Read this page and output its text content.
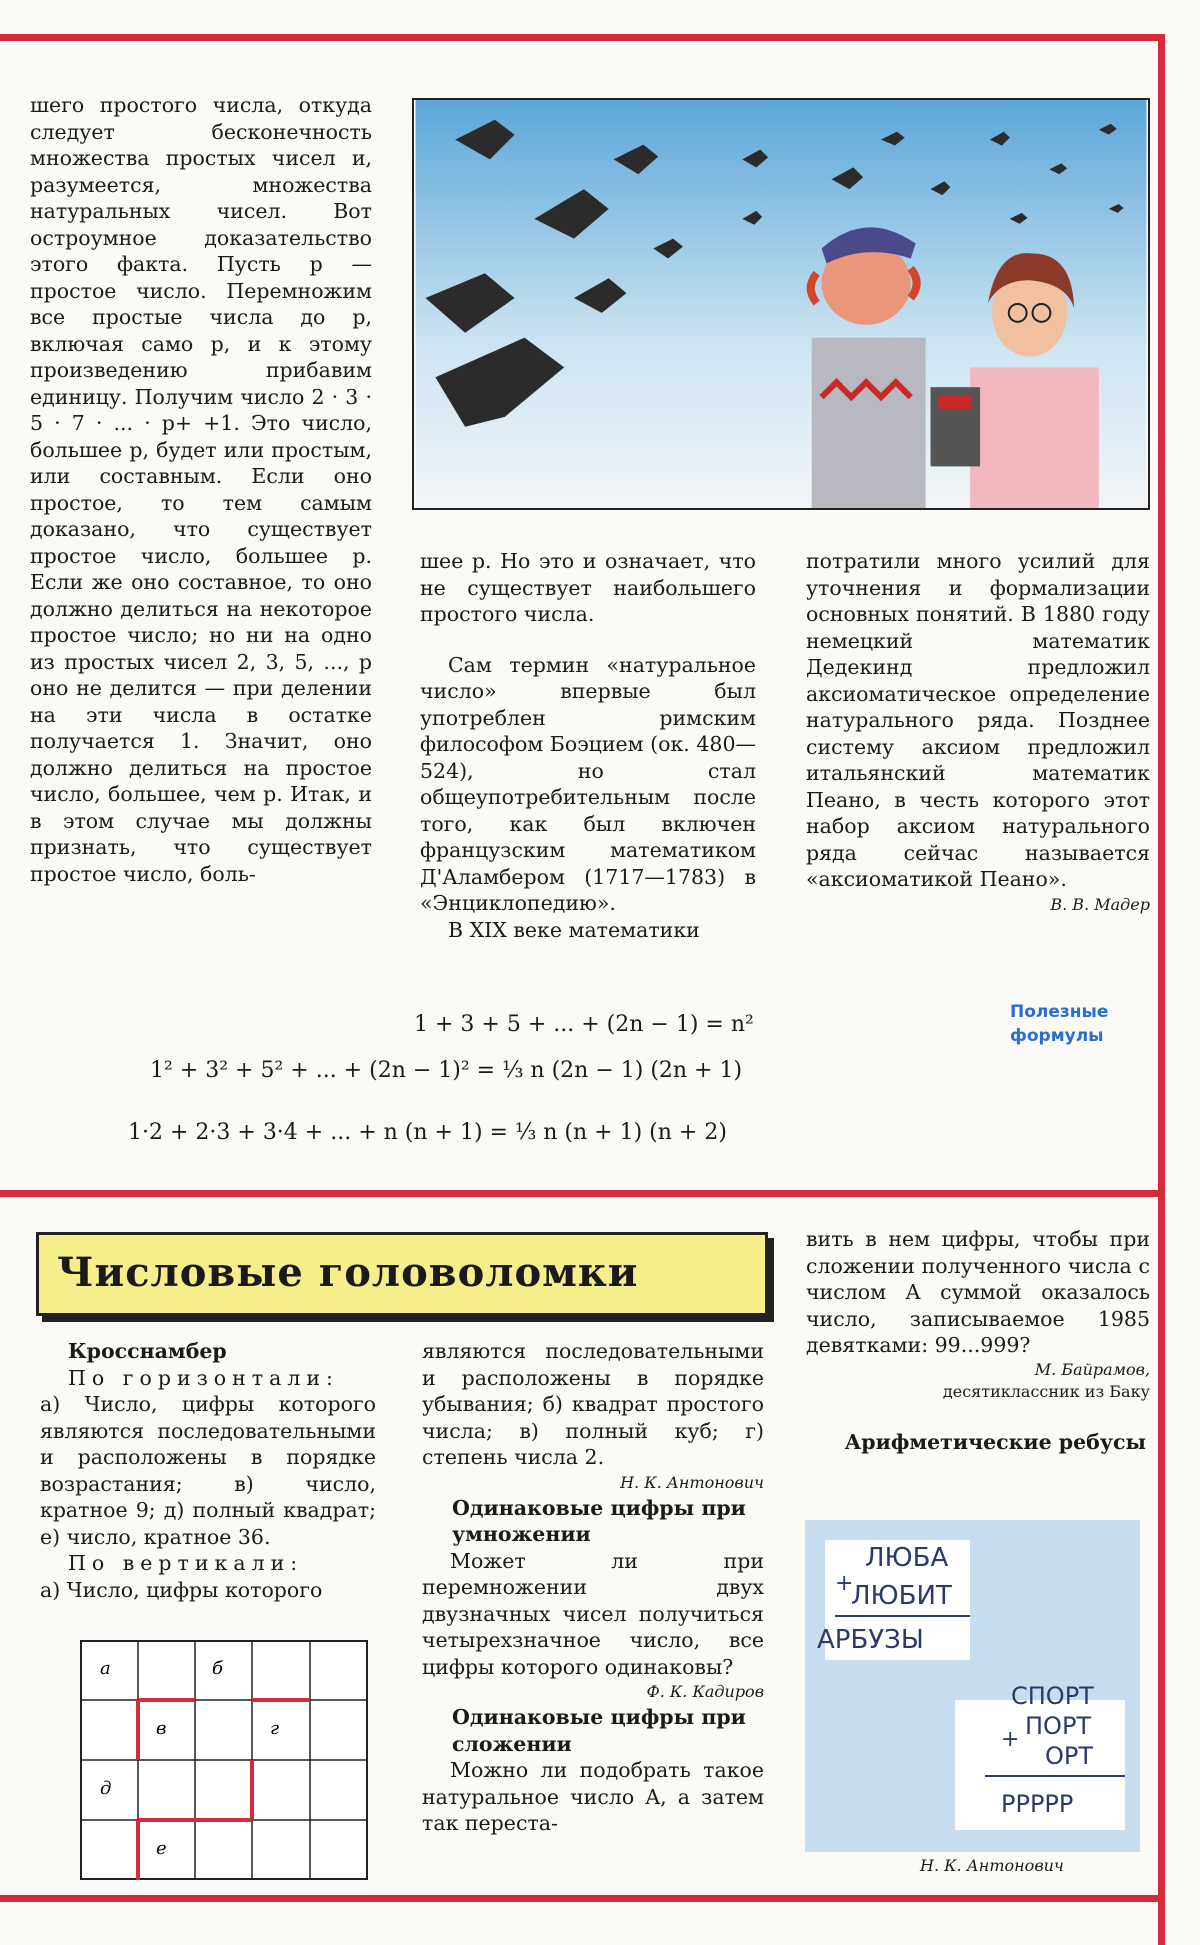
шего простого числа, откуда следует бесконечность множества простых чисел и, разумеется, множества натуральных чисел. Вот остроумное доказательство этого факта. Пусть p — простое число. Перемножим все простые числа до p, включая само p, и к этому произведению прибавим единицу. Получим число 2 · 3 · 5 · 7 · ... · p+ +1. Это число, большее p, будет или простым, или составным. Если оно простое, то тем самым доказано, что существует простое число, большее p. Если же оно составное, то оно должно делиться на некоторое простое число; но ни на одно из простых чисел 2, 3, 5, ..., p оно не делится — при делении на эти числа в остатке получается 1. Значит, оно должно делиться на простое число, большее, чем p. Итак, и в этом случае мы должны признать, что существует простое число, боль-

шее p. Но это и означает, что не существует наибольшего простого числа.

Сам термин «натуральное число» впервые был употреблен римским философом Боэцием (ок. 480—524), но стал общеупотребительным после того, как был включен французским математиком Д'Аламбером (1717—1783) в «Энциклопедию».

В XIX веке математики

потратили много усилий для уточнения и формализации основных понятий. В 1880 году немецкий математик Дедекинд предложил аксиоматическое определение натурального ряда. Позднее систему аксиом предложил итальянский математик Пеано, в честь которого этот набор аксиом натурального ряда сейчас называется «аксиоматикой Пеано».

В. В. Мадер

Полезные формулы
1 + 3 + 5 + ... + (2n − 1) = n²
1² + 3² + 5² + ... + (2n − 1)² = ⅓ n (2n − 1) (2n + 1)
1·2 + 2·3 + 3·4 + ... + n (n + 1) = ⅓ n (n + 1) (n + 2)
Числовые головоломки

Кросснамбер

По горизонтали:

а) Число, цифры которого являются последовательными и расположены в порядке возрастания; в) число, кратное 9; д) полный квадрат; е) число, кратное 36.

По вертикали:

а) Число, цифры которого

а	б
в	г
д
е

являются последовательными и расположены в порядке убывания; б) квадрат простого числа; в) полный куб; г) степень числа 2.

Н. К. Антонович

Одинаковые цифры при умножении

Может ли при перемножении двух двузначных чисел получиться четырехзначное число, все цифры которого одинаковы?

Ф. К. Кадиров

Одинаковые цифры при сложении

Можно ли подобрать такое натуральное число A, а затем так переста-

вить в нем цифры, чтобы при сложении полученного числа с числом A суммой оказалось число, записываемое 1985 девятками: 99...999?

М. Байрамов,

десятиклассник из Баку

Арифметические ребусы

ЛЮБА
+
ЛЮБИТ
АРБУЗЫ
СПОРТ
+ ПОРТ
ОРТ
РРРРР
Н. К. Антонович
